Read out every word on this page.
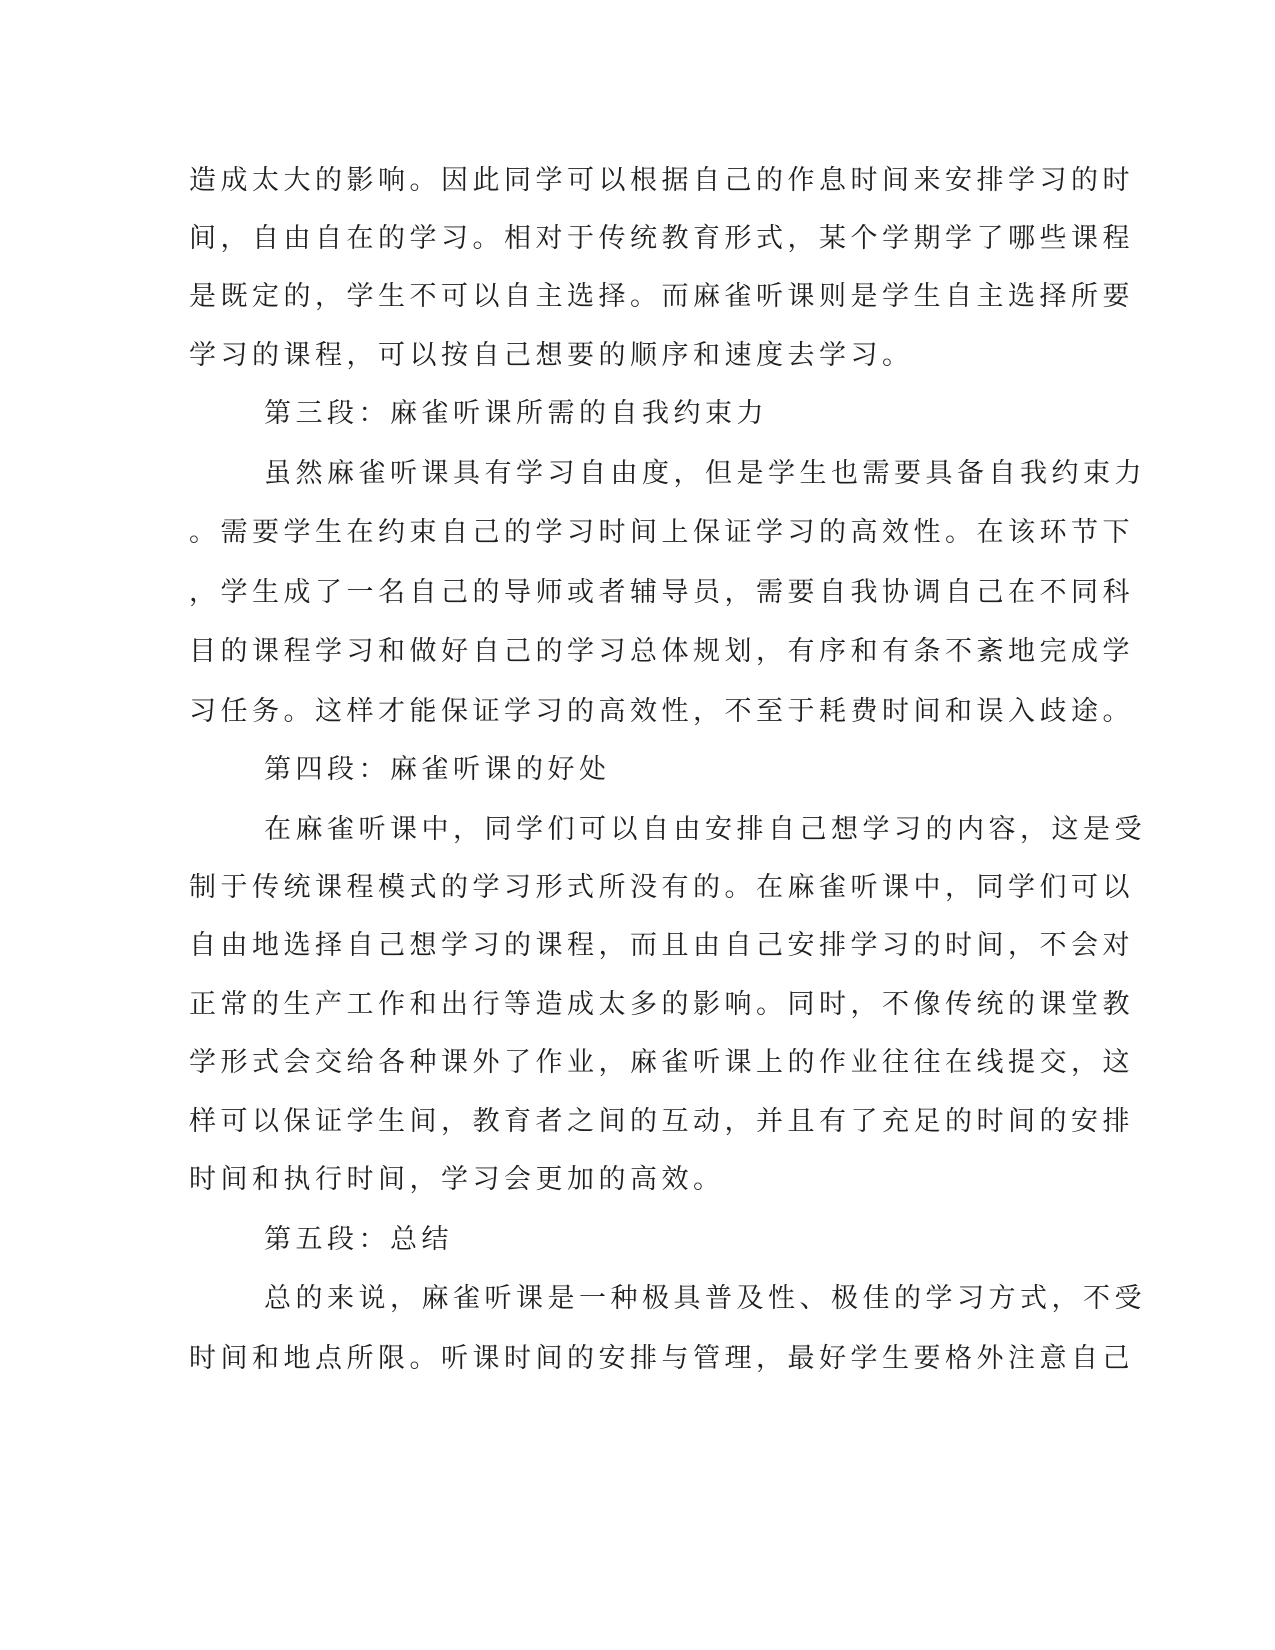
造成太大的影响。因此同学可以根据自己的作息时间来安排学习的时
间，自由自在的学习。相对于传统教育形式，某个学期学了哪些课程
是既定的，学生不可以自主选择。而麻雀听课则是学生自主选择所要
学习的课程，可以按自己想要的顺序和速度去学习。
第三段：麻雀听课所需的自我约束力
虽然麻雀听课具有学习自由度，但是学生也需要具备自我约束力
。需要学生在约束自己的学习时间上保证学习的高效性。在该环节下
，学生成了一名自己的导师或者辅导员，需要自我协调自己在不同科
目的课程学习和做好自己的学习总体规划，有序和有条不紊地完成学
习任务。这样才能保证学习的高效性，不至于耗费时间和误入歧途。
第四段：麻雀听课的好处
在麻雀听课中，同学们可以自由安排自己想学习的内容，这是受
制于传统课程模式的学习形式所没有的。在麻雀听课中，同学们可以
自由地选择自己想学习的课程，而且由自己安排学习的时间，不会对
正常的生产工作和出行等造成太多的影响。同时，不像传统的课堂教
学形式会交给各种课外了作业，麻雀听课上的作业往往在线提交，这
样可以保证学生间，教育者之间的互动，并且有了充足的时间的安排
时间和执行时间，学习会更加的高效。
第五段：总结
总的来说，麻雀听课是一种极具普及性、极佳的学习方式，不受
时间和地点所限。听课时间的安排与管理，最好学生要格外注意自己
